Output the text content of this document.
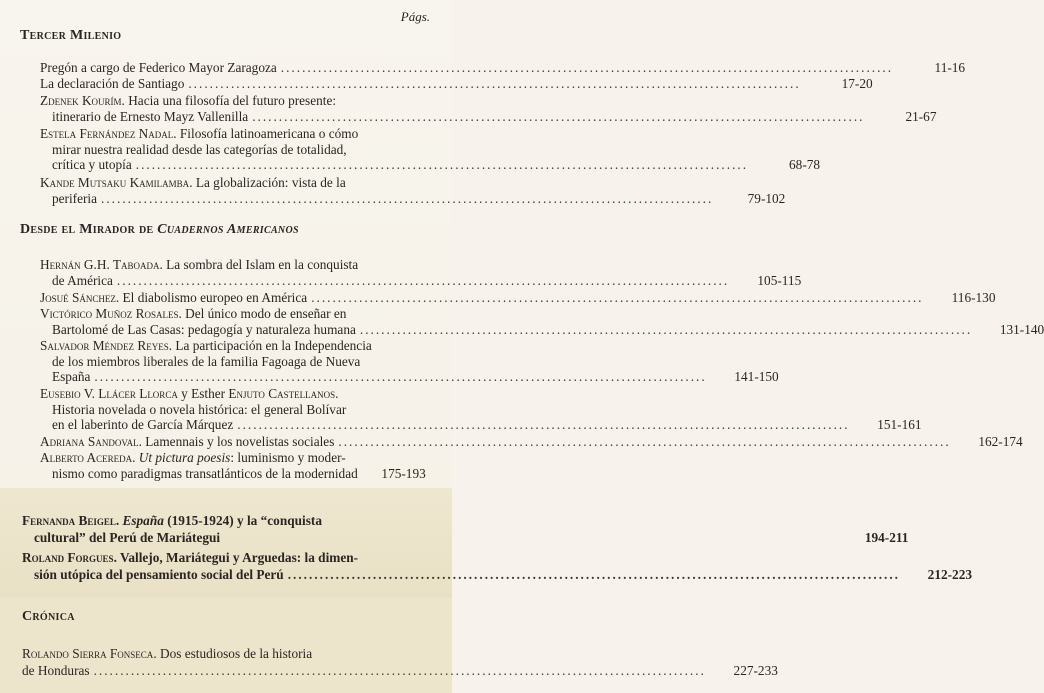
Págs.
Tercer Milenio
Pregón a cargo de Federico Mayor Zaragoza .....	11-16
La declaración de Santiago .....	17-20
Zdenek Kourím. Hacia una filosofía del futuro presente:
itinerario de Ernesto Mayz Vallenilla .....	21-67
Estela Fernández Nadal. Filosofía latinoamericana o cómo
mirar nuestra realidad desde las categorías de totalidad,
crítica y utopía .....	68-78
Kande Mutsaku Kamilamba. La globalización: vista de la
periferia .....	79-102
Desde el Mirador de Cuadernos Americanos
Hernán G.H. Taboada. La sombra del Islam en la conquista
de América .....	105-115
Josué Sánchez. El diabolismo europeo en América .....	116-130
Victórico Muñoz Rosales. Del único modo de enseñar en
Bartolomé de Las Casas: pedagogía y naturaleza humana .....	131-140
Salvador Méndez Reyes. La participación en la Independencia
de los miembros liberales de la familia Fagoaga de Nueva
España .....	141-150
Eusebio V. Llácer Llorca y Esther Enjuto Castellanos.
Historia novelada o novela histórica: el general Bolívar
en el laberinto de García Márquez .....	151-161
Adriana Sandoval. Lamennais y los novelistas sociales .....	162-174
Alberto Acereda. Ut pictura poesis: luminismo y moder-
nismo como paradigmas transatlánticos de la modernidad	175-193
Fernanda Beigel. España (1915-1924) y la “conquista
cultural” del Perú de Mariátegui	194-211
Roland Forgues. Vallejo, Mariátegui y Arguedas: la dimen-
sión utópica del pensamiento social del Perú .....	212-223
Crónica
Rolando Sierra Fonseca. Dos estudiosos de la historia
de Honduras .....	227-233
